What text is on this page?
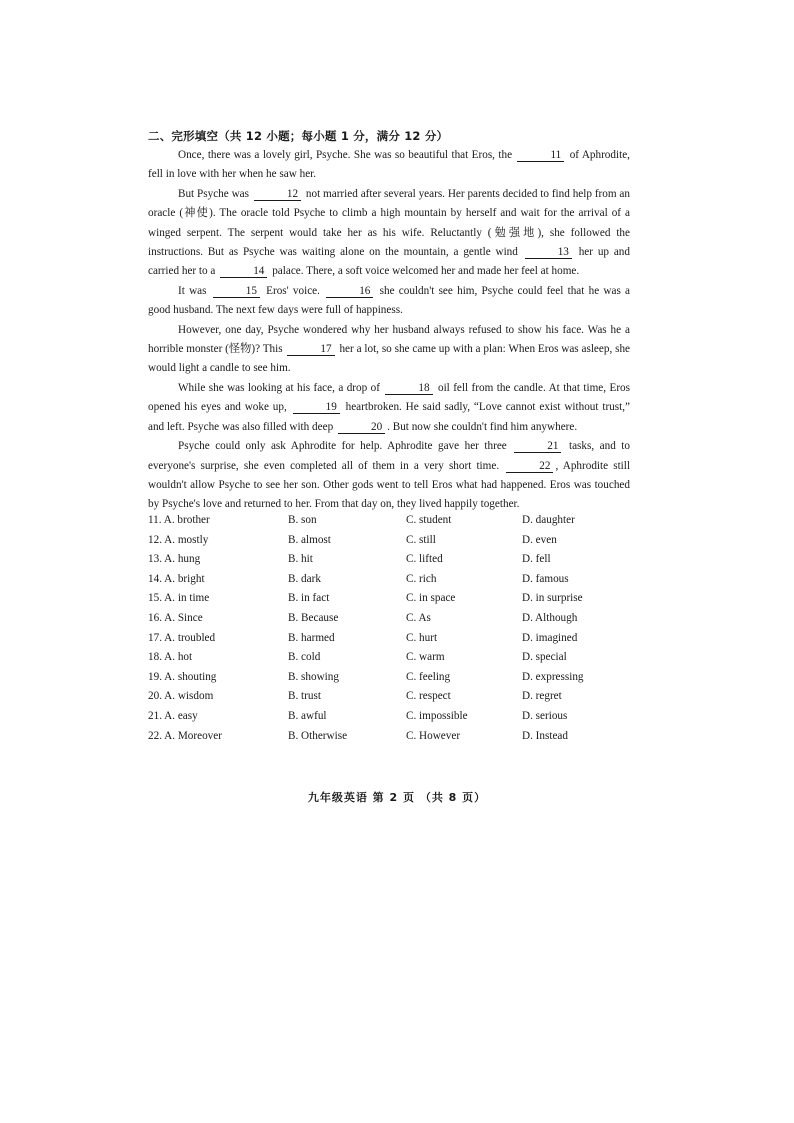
二、完形填空（共 12 小题；每小题 1 分，满分 12 分）

Once, there was a lovely girl, Psyche. She was so beautiful that Eros, the	11 of Aphrodite, fell in love with her when he saw her.

But Psyche was	12 not married after several years. Her parents decided to find help from an oracle (神使). The oracle told Psyche to climb a high mountain by herself and wait for the arrival of a winged serpent. The serpent would take her as his wife. Reluctantly (勉强地), she followed the instructions. But as Psyche was waiting alone on the mountain, a gentle wind	13 her up and carried her to a	14 palace. There, a soft voice welcomed her and made her feel at home.

It was	15 Eros' voice.	16 she couldn't see him, Psyche could feel that he was a good husband. The next few days were full of happiness.

However, one day, Psyche wondered why her husband always refused to show his face. Was he a horrible monster (怪物)? This	17 her a lot, so she came up with a plan: When Eros was asleep, she would light a candle to see him.

While she was looking at his face, a drop of	18 oil fell from the candle. At that time, Eros opened his eyes and woke up,	19 heartbroken. He said sadly, “Love cannot exist without trust,” and left. Psyche was also filled with deep	20 . But now she couldn't find him anywhere.

Psyche could only ask Aphrodite for help. Aphrodite gave her three	21 tasks, and to everyone's surprise, she even completed all of them in a very short time.	22 , Aphrodite still wouldn't allow Psyche to see her son. Other gods went to tell Eros what had happened. Eros was touched by Psyche's love and returned to her. From that day on, they lived happily together.

11. A. brother	B. son	C. student	D. daughter
12. A. mostly	B. almost	C. still	D. even
13. A. hung	B. hit	C. lifted	D. fell
14. A. bright	B. dark	C. rich	D. famous
15. A. in time	B. in fact	C. in space	D. in surprise
16. A. Since	B. Because	C. As	D. Although
17. A. troubled	B. harmed	C. hurt	D. imagined
18. A. hot	B. cold	C. warm	D. special
19. A. shouting	B. showing	C. feeling	D. expressing
20. A. wisdom	B. trust	C. respect	D. regret
21. A. easy	B. awful	C. impossible	D. serious
22. A. Moreover	B. Otherwise	C. However	D. Instead
九年级英语 第 2 页 （共 8 页）
